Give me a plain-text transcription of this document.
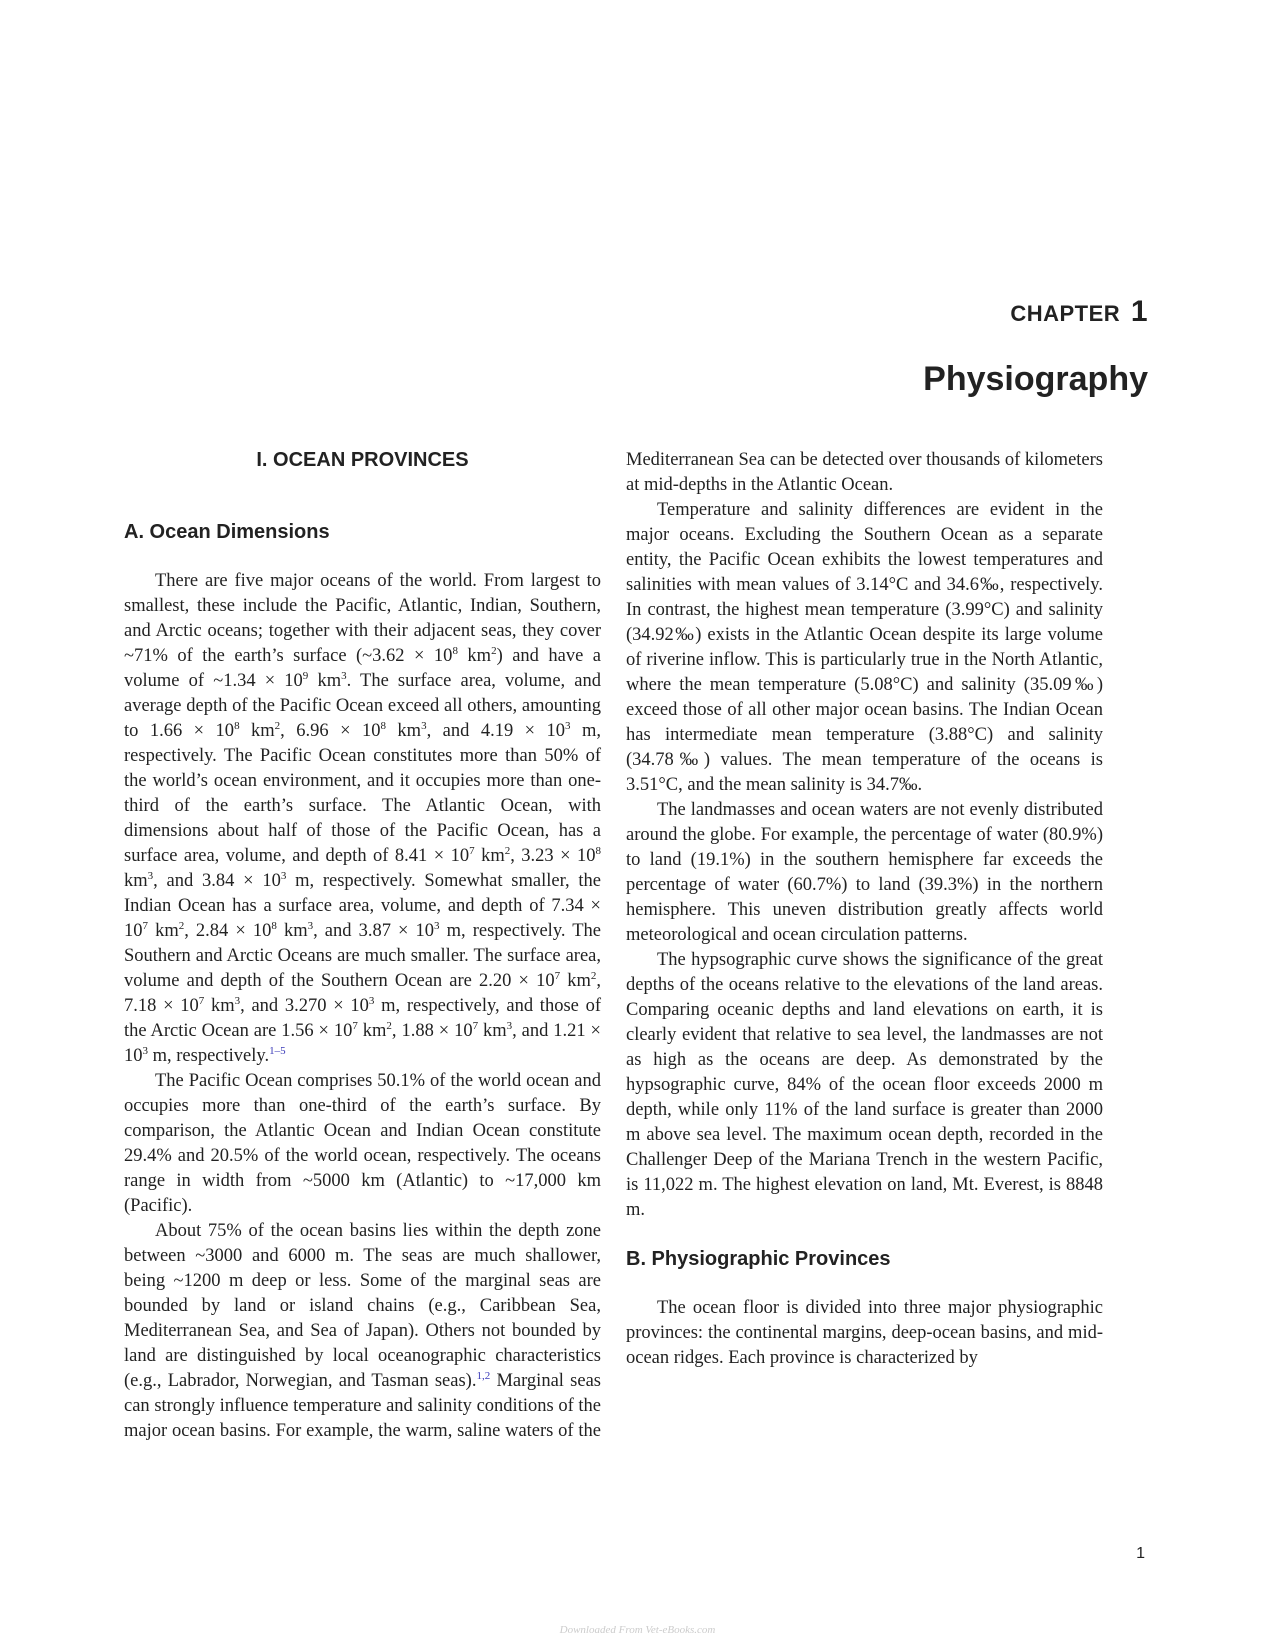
CHAPTER 1
Physiography
I. OCEAN PROVINCES
A. Ocean Dimensions

There are five major oceans of the world. From largest to smallest, these include the Pacific, Atlantic, Indian, Southern, and Arctic oceans; together with their adjacent seas, they cover ~71% of the earth’s surface (~3.62 × $10^8$ $km^2$) and have a volume of ~1.34 × $10^9$ $km^3$. The surface area, volume, and average depth of the Pacific Ocean exceed all others, amounting to $1.66 \times 10^8$ $km^2$, $6.96 \times 10^8$ $km^3$, and $4.19 \times 10^3$ m, respectively. The Pacific Ocean constitutes more than 50% of the world’s ocean environment, and it occupies more than one-third of the earth’s surface. The Atlantic Ocean, with dimensions about half of those of the Pacific Ocean, has a surface area, volume, and depth of $8.41 \times 10^7$ $km^2$, $3.23 \times 10^8$ $km^3$, and $3.84 \times 10^3$ m, respectively. Somewhat smaller, the Indian Ocean has a surface area, volume, and depth of $7.34 \times 10^7$ $km^2$, $2.84 \times 10^8$ $km^3$, and $3.87 \times 10^3$ m, respectively. The Southern and Arctic Oceans are much smaller. The surface area, volume and depth of the Southern Ocean are $2.20 \times 10^7$ $km^2$, $7.18 \times 10^7$ $km^3$, and $3.270 \times 10^3$ m, respectively, and those of the Arctic Ocean are $1.56 \times 10^7$ $km^2$, $1.88 \times 10^7$ $km^3$, and $1.21 \times 10^3$ m, respectively.$^{1-5}$

The Pacific Ocean comprises 50.1% of the world ocean and occupies more than one-third of the earth’s surface. By comparison, the Atlantic Ocean and Indian Ocean constitute 29.4% and 20.5% of the world ocean, respectively. The oceans range in width from ~5000 km (Atlantic) to ~17,000 km (Pacific).

About 75% of the ocean basins lies within the depth zone between ~3000 and 6000 m. The seas are much shallower, being ~1200 m deep or less. Some of the marginal seas are bounded by land or island chains (e.g., Caribbean Sea, Mediterranean Sea, and Sea of Japan). Others not bounded by land are distinguished by local oceanographic characteristics (e.g., Labrador, Norwegian, and Tasman seas).$^{1,2}$ Marginal seas can strongly influence temperature and salinity conditions of the major ocean basins. For example, the warm, saline waters of the Mediterranean Sea can be detected over thousands of kilometers at mid-depths in the Atlantic Ocean.

Temperature and salinity differences are evident in the major oceans. Excluding the Southern Ocean as a separate entity, the Pacific Ocean exhibits the lowest temperatures and salinities with mean values of 3.14°C and 34.6‰, respectively. In contrast, the highest mean temperature (3.99°C) and salinity (34.92‰) exists in the Atlantic Ocean despite its large volume of riverine inflow. This is particularly true in the North Atlantic, where the mean temperature (5.08°C) and salinity (35.09‰) exceed those of all other major ocean basins. The Indian Ocean has intermediate mean temperature (3.88°C) and salinity (34.78‰) values. The mean temperature of the oceans is 3.51°C, and the mean salinity is 34.7‰.

The landmasses and ocean waters are not evenly distributed around the globe. For example, the percentage of water (80.9%) to land (19.1%) in the southern hemisphere far exceeds the percentage of water (60.7%) to land (39.3%) in the northern hemisphere. This uneven distribution greatly affects world meteorological and ocean circulation patterns.

The hypsographic curve shows the significance of the great depths of the oceans relative to the elevations of the land areas. Comparing oceanic depths and land elevations on earth, it is clearly evident that relative to sea level, the landmasses are not as high as the oceans are deep. As demonstrated by the hypsographic curve, 84% of the ocean floor exceeds 2000 m depth, while only 11% of the land surface is greater than 2000 m above sea level. The maximum ocean depth, recorded in the Challenger Deep of the Mariana Trench in the western Pacific, is 11,022 m. The highest elevation on land, Mt. Everest, is 8848 m.

B. Physiographic Provinces

The ocean floor is divided into three major physiographic provinces: the continental margins, deep-ocean basins, and mid-ocean ridges. Each province is characterized by

1
Downloaded From Vet-eBooks.com
